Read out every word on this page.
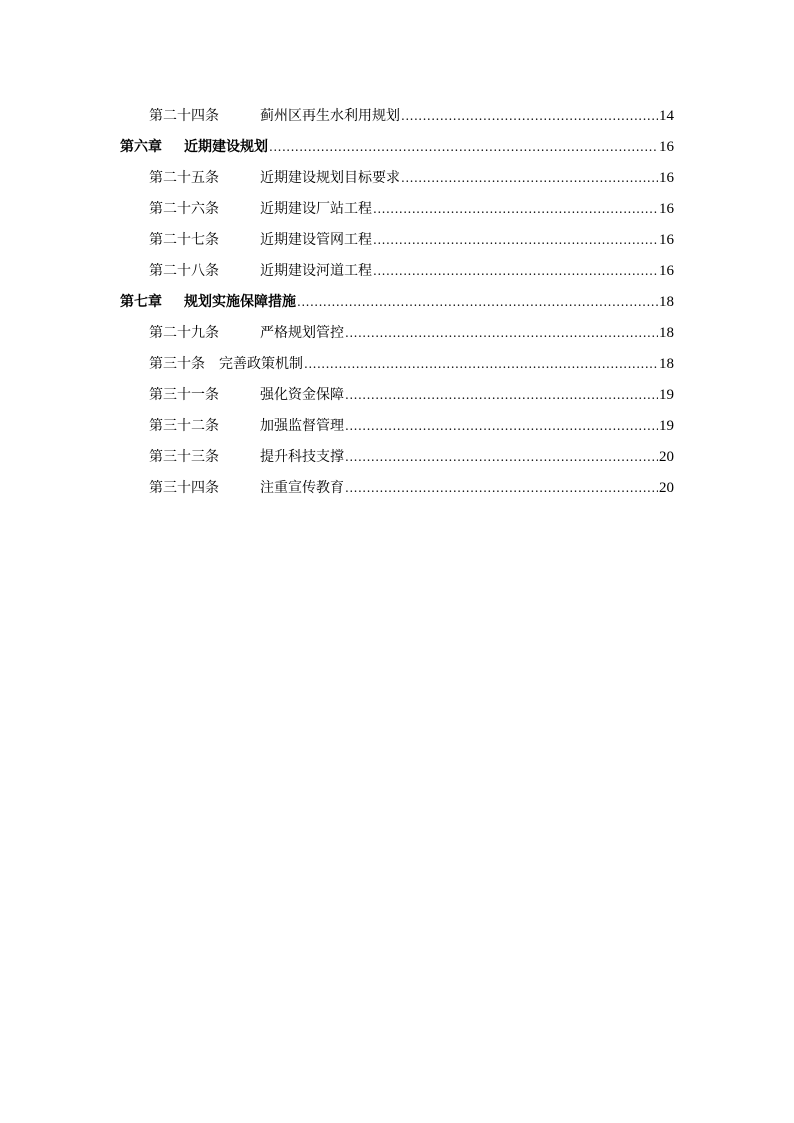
第二十四条	蓟州区再生水利用规划 .....	14
第六章	近期建设规划 .....	16
第二十五条	近期建设规划目标要求 .....	16
第二十六条	近期建设厂站工程 .....	16
第二十七条	近期建设管网工程 .....	16
第二十八条	近期建设河道工程 .....	16
第七章	规划实施保障措施 .....	18
第二十九条	严格规划管控 .....	18
第三十条	完善政策机制 .....	18
第三十一条	强化资金保障 .....	19
第三十二条	加强监督管理 .....	19
第三十三条	提升科技支撑 .....	20
第三十四条	注重宣传教育 .....	20
